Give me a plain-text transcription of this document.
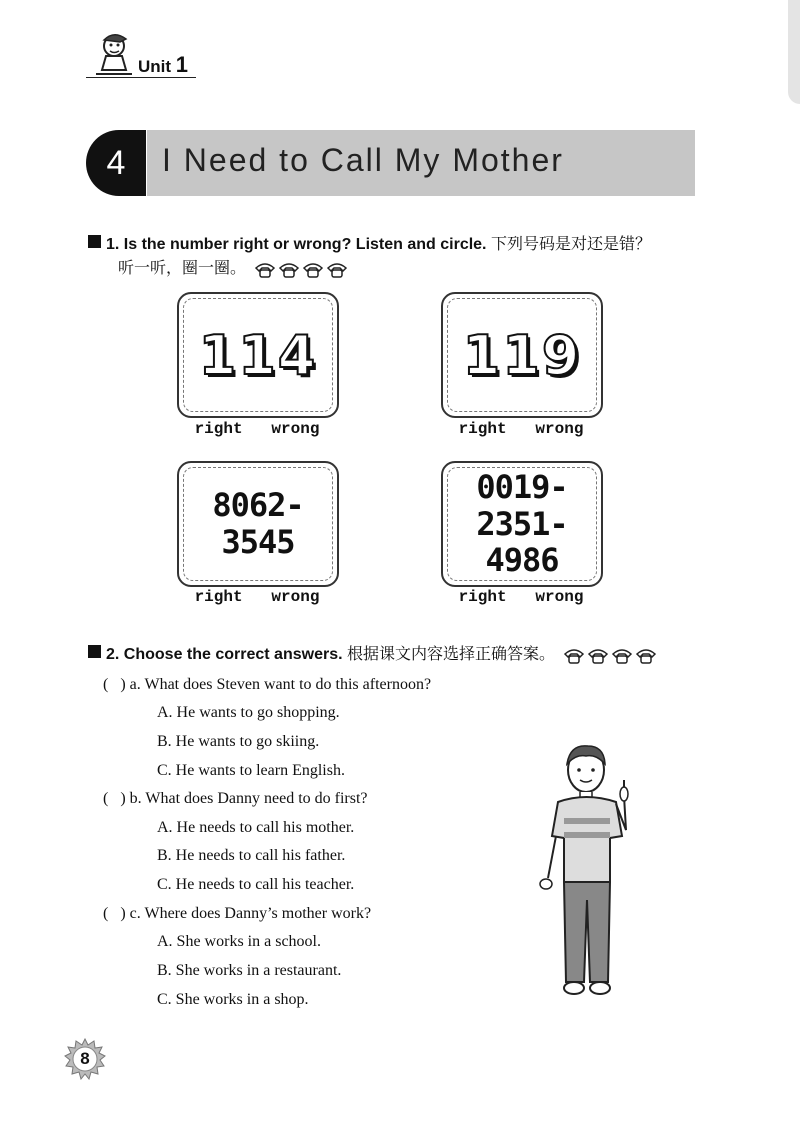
Unit 1
4	I Need to Call My Mother
1. Is the number right or wrong? Listen and circle. 下列号码是对还是错？
听一听，圈一圈。
114
right wrong
119
right wrong
8062-3545
right wrong
0019-
2351-4986
right wrong
2. Choose the correct answers. 根据课文内容选择正确答案。
( ) a. What does Steven want to do this afternoon?
A. He wants to go shopping.
B. He wants to go skiing.
C. He wants to learn English.
( ) b. What does Danny need to do first?
A. He needs to call his mother.
B. He needs to call his father.
C. He needs to call his teacher.
( ) c. Where does Danny’s mother work?
A. She works in a school.
B. She works in a restaurant.
C. She works in a shop.
8
